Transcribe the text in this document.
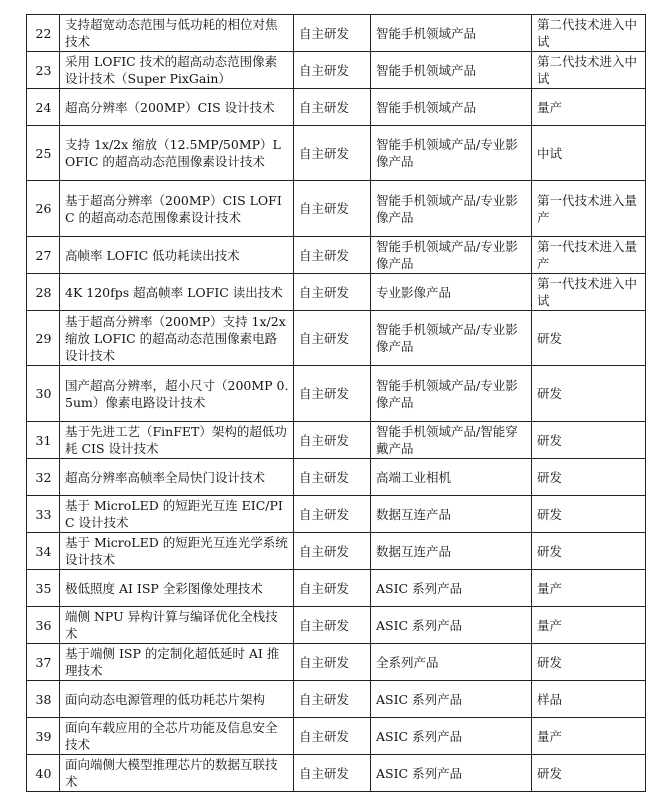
22	支持超宽动态范围与低功耗的相位对焦技术	自主研发	智能手机领域产品	第二代技术进入中试
23	采用 LOFIC 技术的超高动态范围像素设计技术（Super PixGain）	自主研发	智能手机领域产品	第二代技术进入中试
24	超高分辨率（200MP）CIS 设计技术	自主研发	智能手机领域产品	量产
25	支持 1x/2x 缩放（12.5MP/50MP）LOFIC 的超高动态范围像素设计技术	自主研发	智能手机领域产品/专业影像产品	中试
26	基于超高分辨率（200MP）CIS LOFIC 的超高动态范围像素设计技术	自主研发	智能手机领域产品/专业影像产品	第一代技术进入量产
27	高帧率 LOFIC 低功耗读出技术	自主研发	智能手机领域产品/专业影像产品	第一代技术进入量产
28	4K 120fps 超高帧率 LOFIC 读出技术	自主研发	专业影像产品	第一代技术进入中试
29	基于超高分辨率（200MP）支持 1x/2x 缩放 LOFIC 的超高动态范围像素电路设计技术	自主研发	智能手机领域产品/专业影像产品	研发
30	国产超高分辨率，超小尺寸（200MP 0.5um）像素电路设计技术	自主研发	智能手机领域产品/专业影像产品	研发
31	基于先进工艺（FinFET）架构的超低功耗 CIS 设计技术	自主研发	智能手机领域产品/智能穿戴产品	研发
32	超高分辨率高帧率全局快门设计技术	自主研发	高端工业相机	研发
33	基于 MicroLED 的短距光互连 EIC/PIC 设计技术	自主研发	数据互连产品	研发
34	基于 MicroLED 的短距光互连光学系统设计技术	自主研发	数据互连产品	研发
35	极低照度 AI ISP 全彩图像处理技术	自主研发	ASIC 系列产品	量产
36	端侧 NPU 异构计算与编译优化全栈技术	自主研发	ASIC 系列产品	量产
37	基于端侧 ISP 的定制化超低延时 AI 推理技术	自主研发	全系列产品	研发
38	面向动态电源管理的低功耗芯片架构	自主研发	ASIC 系列产品	样品
39	面向车载应用的全芯片功能及信息安全技术	自主研发	ASIC 系列产品	量产
40	面向端侧大模型推理芯片的数据互联技术	自主研发	ASIC 系列产品	研发
